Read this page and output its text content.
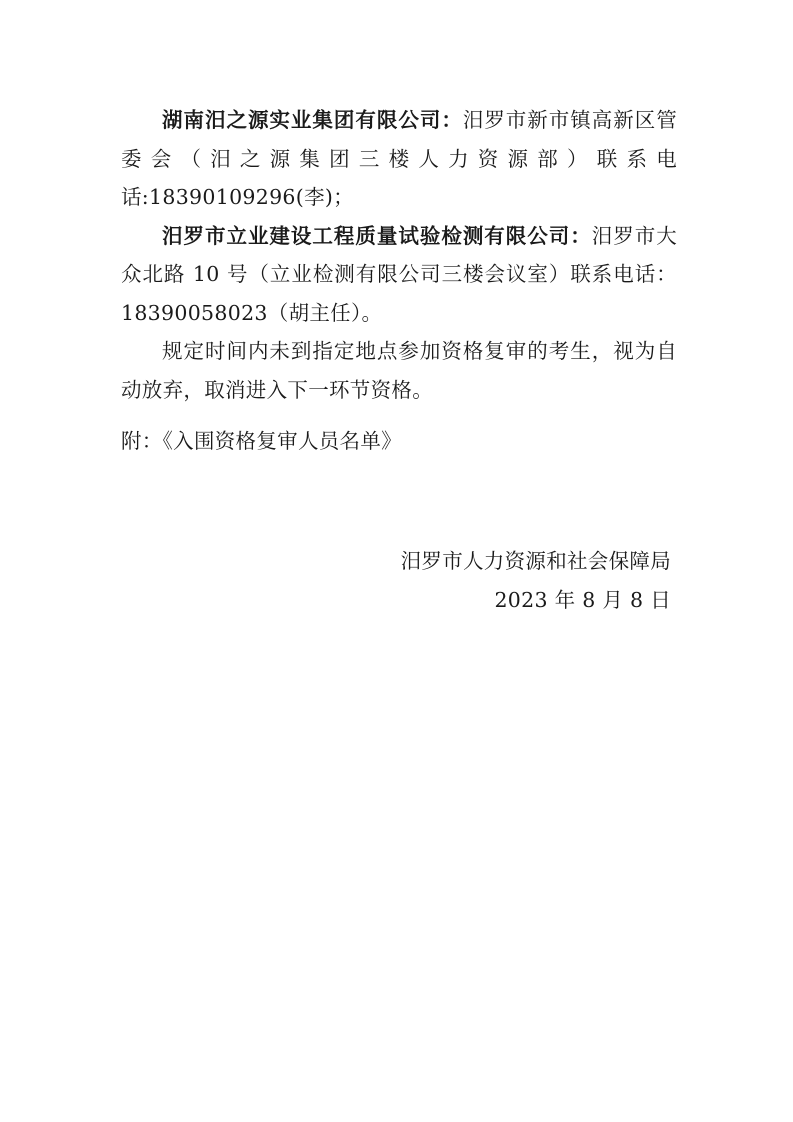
湖南汨之源实业集团有限公司：汨罗市新市镇高新区管委会（汨之源集团三楼人力资源部）联系电话:18390109296(李)；

汨罗市立业建设工程质量试验检测有限公司：汨罗市大众北路 10 号（立业检测有限公司三楼会议室）联系电话：18390058023（胡主任）。

规定时间内未到指定地点参加资格复审的考生，视为自动放弃，取消进入下一环节资格。

附：《入围资格复审人员名单》

汨罗市人力资源和社会保障局
2023 年 8 月 8 日
